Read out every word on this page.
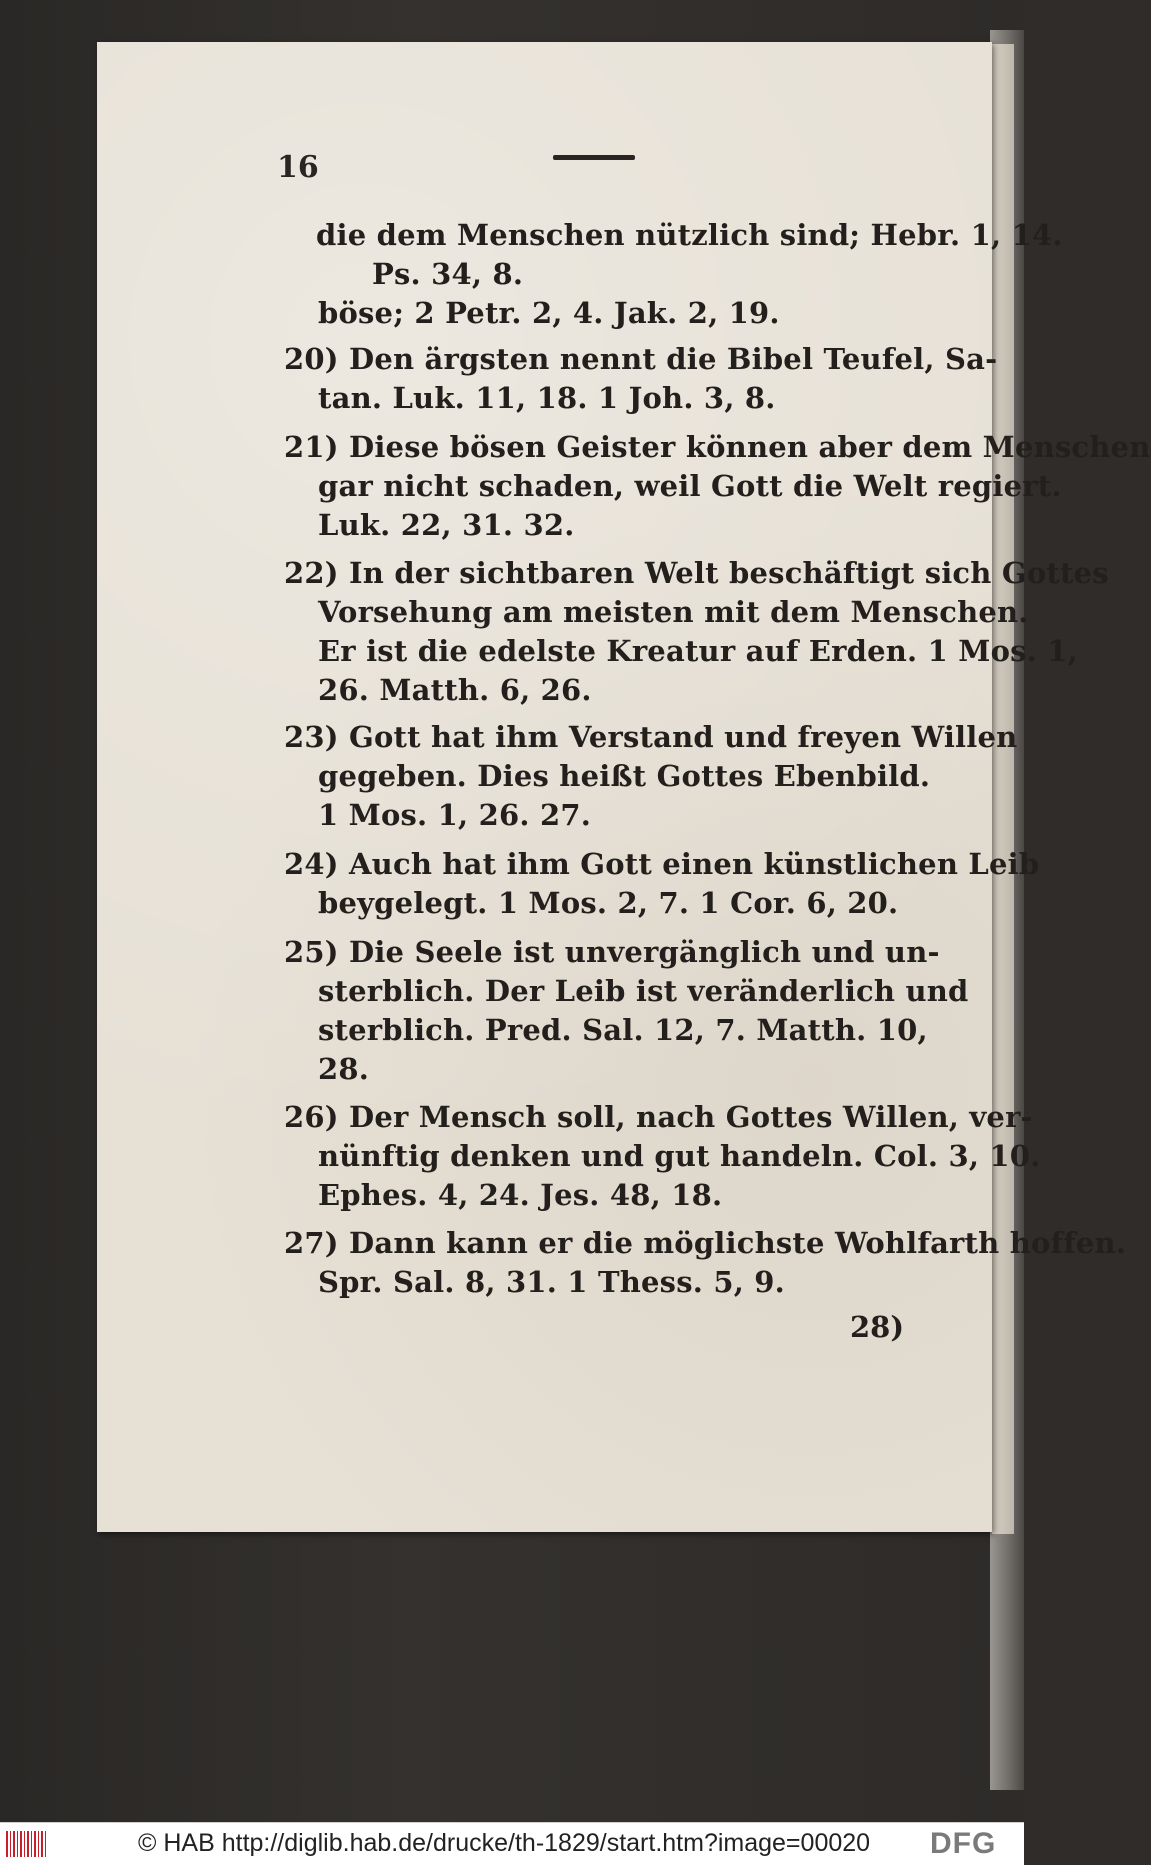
16
die dem Menschen nützlich sind; Hebr. 1, 14.
Ps. 34, 8.
böse; 2 Petr. 2, 4. Jak. 2, 19.
20) Den ärgsten nennt die Bibel Teufel, Sa-
tan. Luk. 11, 18. 1 Joh. 3, 8.
21) Diese bösen Geister können aber dem Menschen
gar nicht schaden, weil Gott die Welt regiert.
Luk. 22, 31. 32.
22) In der sichtbaren Welt beschäftigt sich Gottes
Vorsehung am meisten mit dem Menschen.
Er ist die edelste Kreatur auf Erden. 1 Mos. 1,
26. Matth. 6, 26.
23) Gott hat ihm Verstand und freyen Willen
gegeben. Dies heißt Gottes Ebenbild.
1 Mos. 1, 26. 27.
24) Auch hat ihm Gott einen künstlichen Leib
beygelegt. 1 Mos. 2, 7. 1 Cor. 6, 20.
25) Die Seele ist unvergänglich und un-
sterblich. Der Leib ist veränderlich und
sterblich. Pred. Sal. 12, 7. Matth. 10,
28.
26) Der Mensch soll, nach Gottes Willen, ver-
nünftig denken und gut handeln. Col. 3, 10.
Ephes. 4, 24. Jes. 48, 18.
27) Dann kann er die möglichste Wohlfarth hoffen.
Spr. Sal. 8, 31. 1 Thess. 5, 9.
28)
© HAB http://diglib.hab.de/drucke/th-1829/start.htm?image=00020 DFG
